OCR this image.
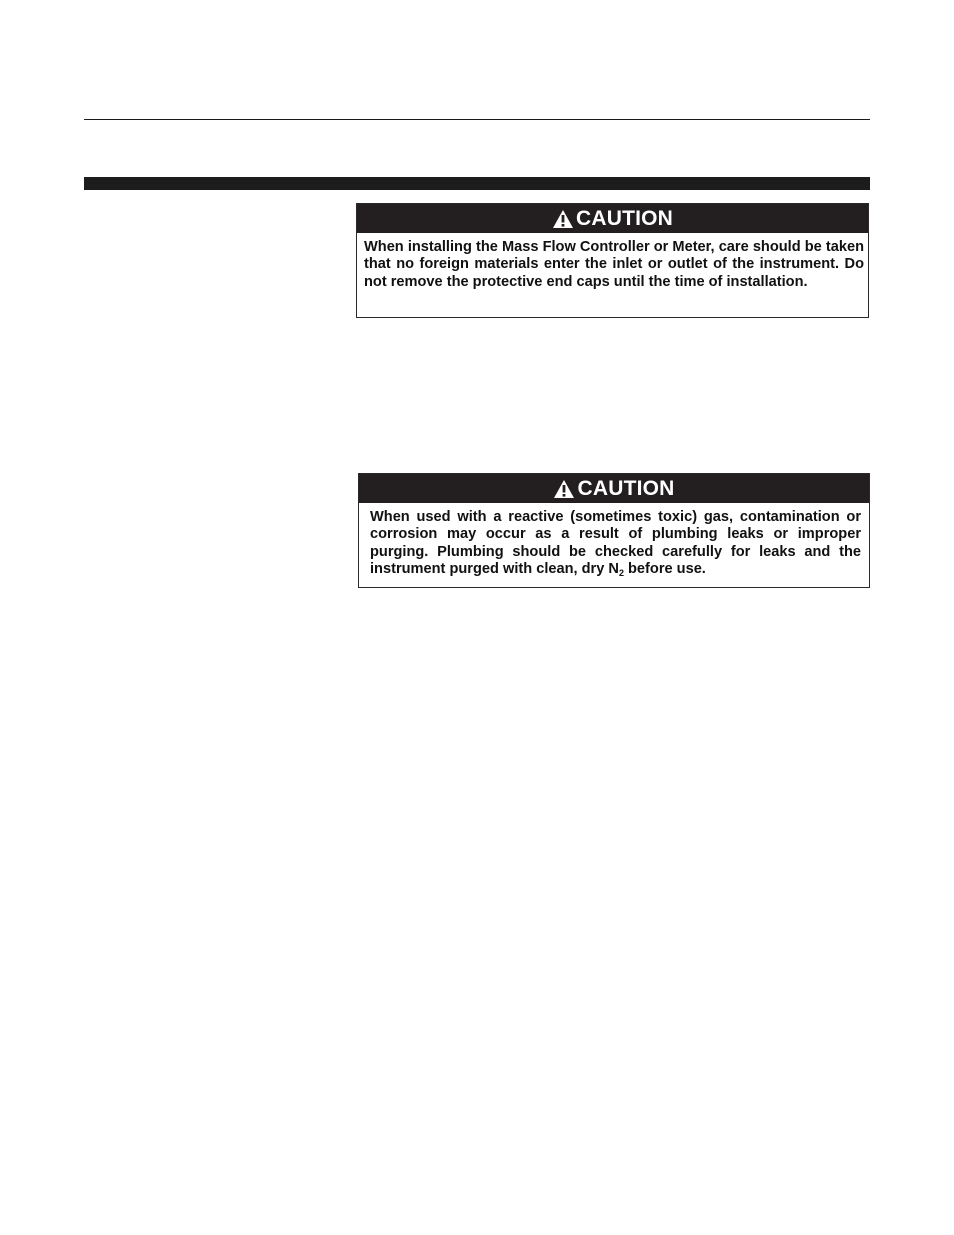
CAUTION
When installing the Mass Flow Controller or Meter, care should be taken that no foreign materials enter the inlet or outlet of the instrument. Do not remove the protective end caps until the time of installation.
CAUTION
When used with a reactive (sometimes toxic) gas, contamination or corrosion may occur as a result of plumbing leaks or improper purging. Plumbing should be checked carefully for leaks and the instrument purged with clean, dry $N_2$ before use.
